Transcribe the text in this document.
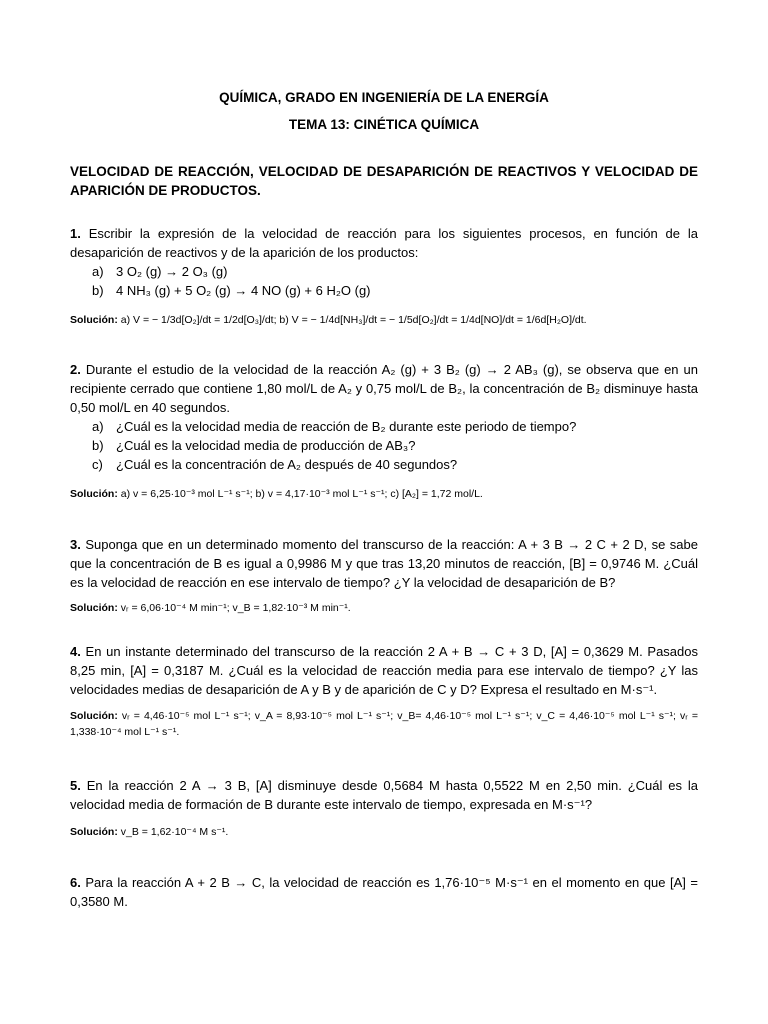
QUÍMICA, GRADO EN INGENIERÍA DE LA ENERGÍA
TEMA 13: CINÉTICA QUÍMICA
VELOCIDAD DE REACCIÓN, VELOCIDAD DE DESAPARICIÓN DE REACTIVOS Y VELOCIDAD DE APARICIÓN DE PRODUCTOS.
1. Escribir la expresión de la velocidad de reacción para los siguientes procesos, en función de la desaparición de reactivos y de la aparición de los productos:
a) 3 O₂ (g) → 2 O₃ (g)
b) 4 NH₃ (g) + 5 O₂ (g) → 4 NO (g) + 6 H₂O (g)
Solución: a) V = − 1/3d[O₂]/dt = 1/2d[O₃]/dt; b) V = − 1/4d[NH₃]/dt = − 1/5d[O₂]/dt = 1/4d[NO]/dt = 1/6d[H₂O]/dt.
2. Durante el estudio de la velocidad de la reacción A₂ (g) + 3 B₂ (g) → 2 AB₃ (g), se observa que en un recipiente cerrado que contiene 1,80 mol/L de A₂ y 0,75 mol/L de B₂, la concentración de B₂ disminuye hasta 0,50 mol/L en 40 segundos.
a) ¿Cuál es la velocidad media de reacción de B₂ durante este periodo de tiempo?
b) ¿Cuál es la velocidad media de producción de AB₃?
c) ¿Cuál es la concentración de A₂ después de 40 segundos?
Solución: a) v = 6,25·10⁻³ mol L⁻¹ s⁻¹; b) v = 4,17·10⁻³ mol L⁻¹ s⁻¹; c) [A₂] = 1,72 mol/L.
3. Suponga que en un determinado momento del transcurso de la reacción: A + 3 B → 2 C + 2 D, se sabe que la concentración de B es igual a 0,9986 M y que tras 13,20 minutos de reacción, [B] = 0,9746 M. ¿Cuál es la velocidad de reacción en ese intervalo de tiempo? ¿Y la velocidad de desaparición de B?
Solución: vᵣ = 6,06·10⁻⁴ M min⁻¹; v_B = 1,82·10⁻³ M min⁻¹.
4. En un instante determinado del transcurso de la reacción 2 A + B → C + 3 D, [A] = 0,3629 M. Pasados 8,25 min, [A] = 0,3187 M. ¿Cuál es la velocidad de reacción media para ese intervalo de tiempo? ¿Y las velocidades medias de desaparición de A y B y de aparición de C y D? Expresa el resultado en M·s⁻¹.
Solución: vᵣ = 4,46·10⁻⁵ mol L⁻¹ s⁻¹; v_A = 8,93·10⁻⁵ mol L⁻¹ s⁻¹; v_B= 4,46·10⁻⁵ mol L⁻¹ s⁻¹; v_C = 4,46·10⁻⁵ mol L⁻¹ s⁻¹; vᵣ = 1,338·10⁻⁴ mol L⁻¹ s⁻¹.
5. En la reacción 2 A → 3 B, [A] disminuye desde 0,5684 M hasta 0,5522 M en 2,50 min. ¿Cuál es la velocidad media de formación de B durante este intervalo de tiempo, expresada en M·s⁻¹?
Solución: v_B = 1,62·10⁻⁴ M s⁻¹.
6. Para la reacción A + 2 B → C, la velocidad de reacción es 1,76·10⁻⁵ M·s⁻¹ en el momento en que [A] = 0,3580 M.
